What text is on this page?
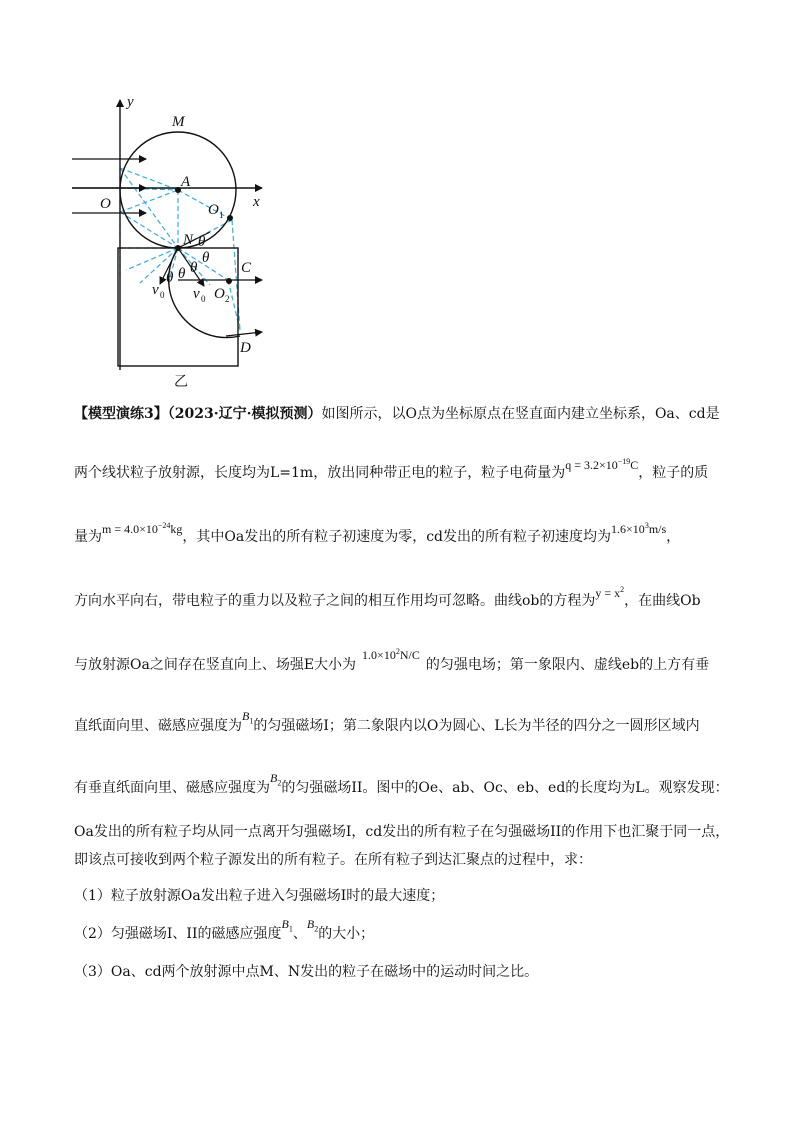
y
M
x
O
A
O 1
N
C
O 2
D
θ
θ
θ
θ
θ
v 0 v 0
乙
【模型演练3】（2023·辽宁·模拟预测）如图所示，以O点为坐标原点在竖直面内建立坐标系，Oa、cd是
两个线状粒子放射源，长度均为L=1m，放出同种带正电的粒子，粒子电荷量为$q = 3.2\times 10^{-19}C$，粒子的质
量为$m = 4.0\times 10^{-24}kg$，其中Oa发出的所有粒子初速度为零，cd发出的所有粒子初速度均为$1.6\times 10^3m/s$，
方向水平向右，带电粒子的重力以及粒子之间的相互作用均可忽略。曲线ob的方程为$y = x^2$，在曲线Ob
与放射源Oa之间存在竖直向上、场强E大小为$1.0\times 10^2N/C$的匀强电场；第一象限内、虚线eb的上方有垂
直纸面向里、磁感应强度为$B_1$的匀强磁场I；第二象限内以O为圆心、L长为半径的四分之一圆形区域内
有垂直纸面向里、磁感应强度为$B_2$的匀强磁场II。图中的Oe、ab、Oc、eb、ed的长度均为L。观察发现：
Oa发出的所有粒子均从同一点离开匀强磁场I，cd发出的所有粒子在匀强磁场II的作用下也汇聚于同一点，
即该点可接收到两个粒子源发出的所有粒子。在所有粒子到达汇聚点的过程中，求：
（1）粒子放射源Oa发出粒子进入匀强磁场I时的最大速度；
（2）匀强磁场I、II的磁感应强度$B_1$、$B_2$的大小；
（3）Oa、cd两个放射源中点M、N发出的粒子在磁场中的运动时间之比。
